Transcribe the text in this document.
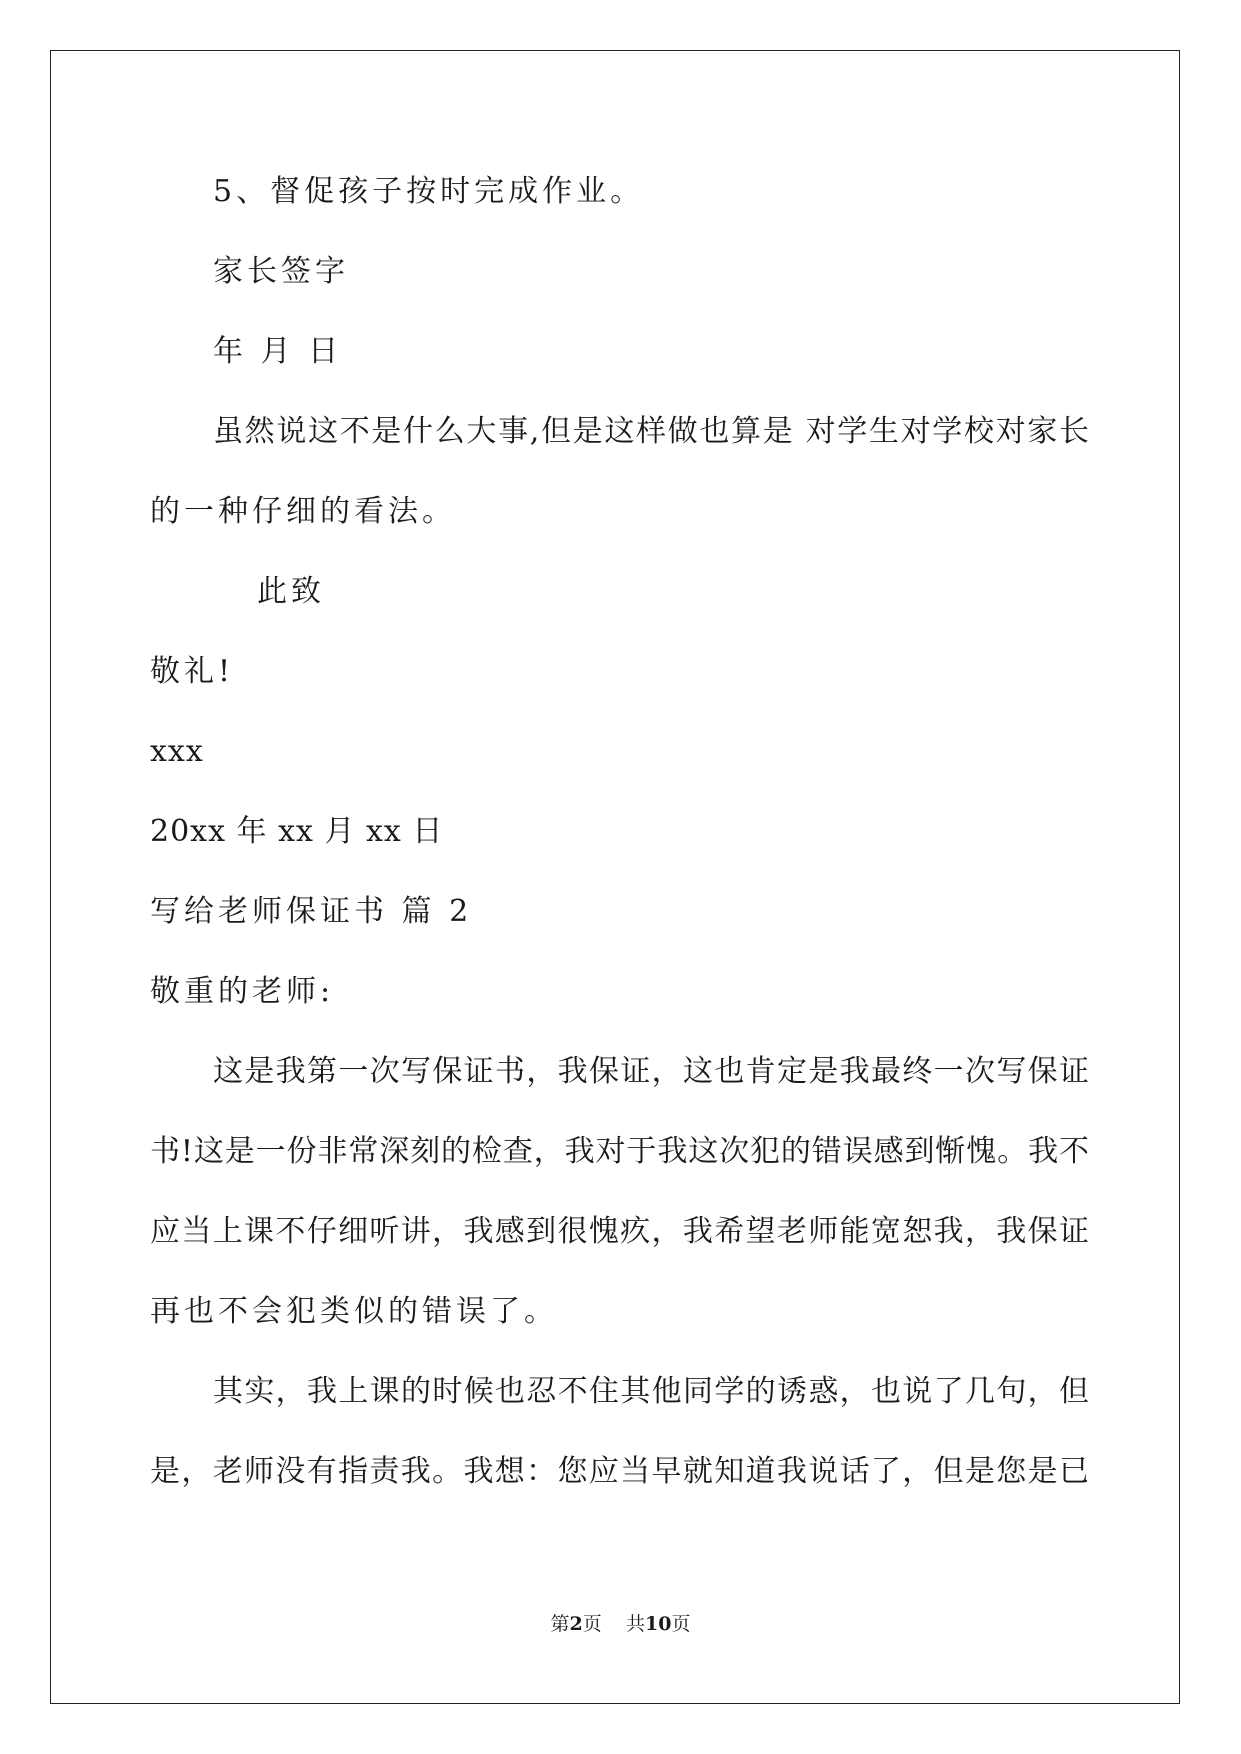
5、督促孩子按时完成作业。
家长签字
年 月 日
虽然说这不是什么大事,但是这样做也算是 对学生对学校对家长
的一种仔细的看法。
此致
敬礼!
xxx
20xx 年 xx 月 xx 日
写给老师保证书 篇 2
敬重的老师:
这是我第一次写保证书，我保证，这也肯定是我最终一次写保证
书!这是一份非常深刻的检查，我对于我这次犯的错误感到惭愧。我不
应当上课不仔细听讲，我感到很愧疚，我希望老师能宽恕我，我保证
再也不会犯类似的错误了。
其实，我上课的时候也忍不住其他同学的诱惑，也说了几句，但
是，老师没有指责我。我想：您应当早就知道我说话了，但是您是已
第2页 共10页
